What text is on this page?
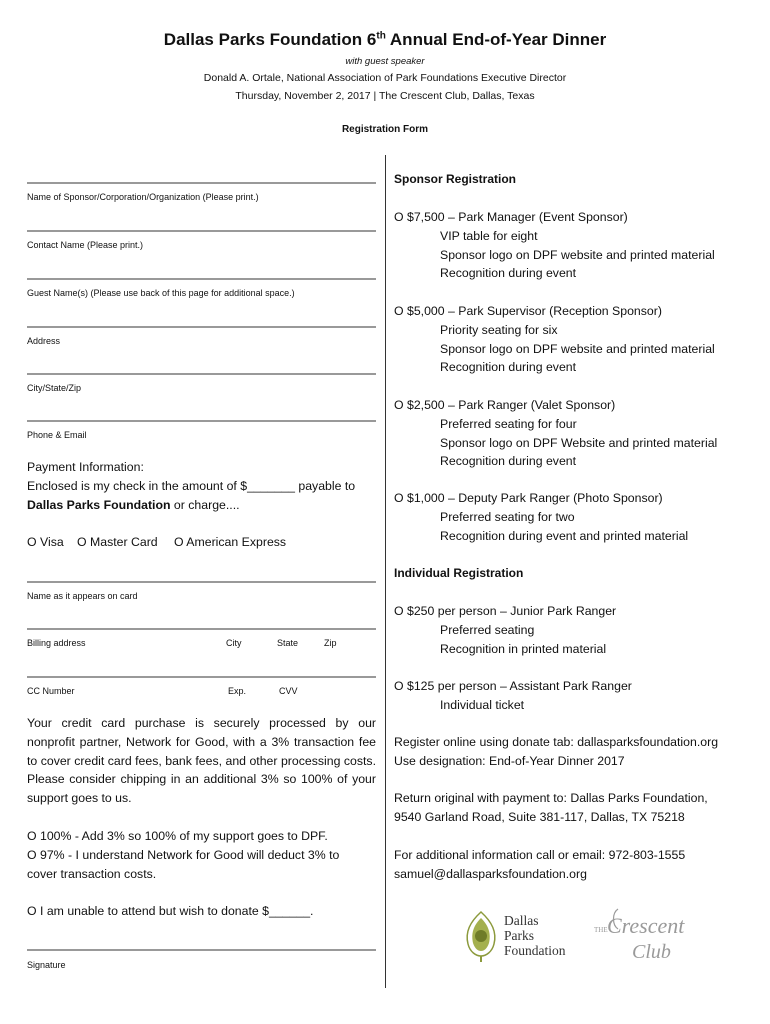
Dallas Parks Foundation 6th Annual End-of-Year Dinner
with guest speaker
Donald A. Ortale, National Association of Park Foundations Executive Director
Thursday, November 2, 2017 | The Crescent Club, Dallas, Texas
Registration Form
Name of Sponsor/Corporation/Organization (Please print.)
Contact Name (Please print.)
Guest Name(s) (Please use back of this page for additional space.)
Address
City/State/Zip
Phone & Email
Payment Information:
Enclosed is my check in the amount of $_______ payable to
Dallas Parks Foundation or charge....
O Visa O Master Card O American Express
Name as it appears on card
Billing address	City	State	Zip
CC Number	Exp.	CVV
Your credit card purchase is securely processed by our nonprofit partner, Network for Good, with a 3% transaction fee to cover credit card fees, bank fees, and other processing costs. Please consider chipping in an additional 3% so 100% of your support goes to us.
O 100% - Add 3% so 100% of my support goes to DPF.
O 97% - I understand Network for Good will deduct 3% to
cover transaction costs.
O I am unable to attend but wish to donate $______.
Signature
Sponsor Registration
O $7,500 – Park Manager (Event Sponsor)
VIP table for eight
Sponsor logo on DPF website and printed material
Recognition during event
O $5,000 – Park Supervisor (Reception Sponsor)
Priority seating for six
Sponsor logo on DPF website and printed material
Recognition during event
O $2,500 – Park Ranger (Valet Sponsor)
Preferred seating for four
Sponsor logo on DPF Website and printed material
Recognition during event
O $1,000 – Deputy Park Ranger (Photo Sponsor)
Preferred seating for two
Recognition during event and printed material
Individual Registration
O $250 per person – Junior Park Ranger
Preferred seating
Recognition in printed material
O $125 per person – Assistant Park Ranger
Individual ticket
Register online using donate tab: dallasparksfoundation.org
Use designation: End-of-Year Dinner 2017
Return original with payment to: Dallas Parks Foundation,
9540 Garland Road, Suite 381-117, Dallas, TX 75218
For additional information call or email: 972-803-1555
samuel@dallasparksfoundation.org
Dallas
Parks
Foundation
THE Crescent
Club
